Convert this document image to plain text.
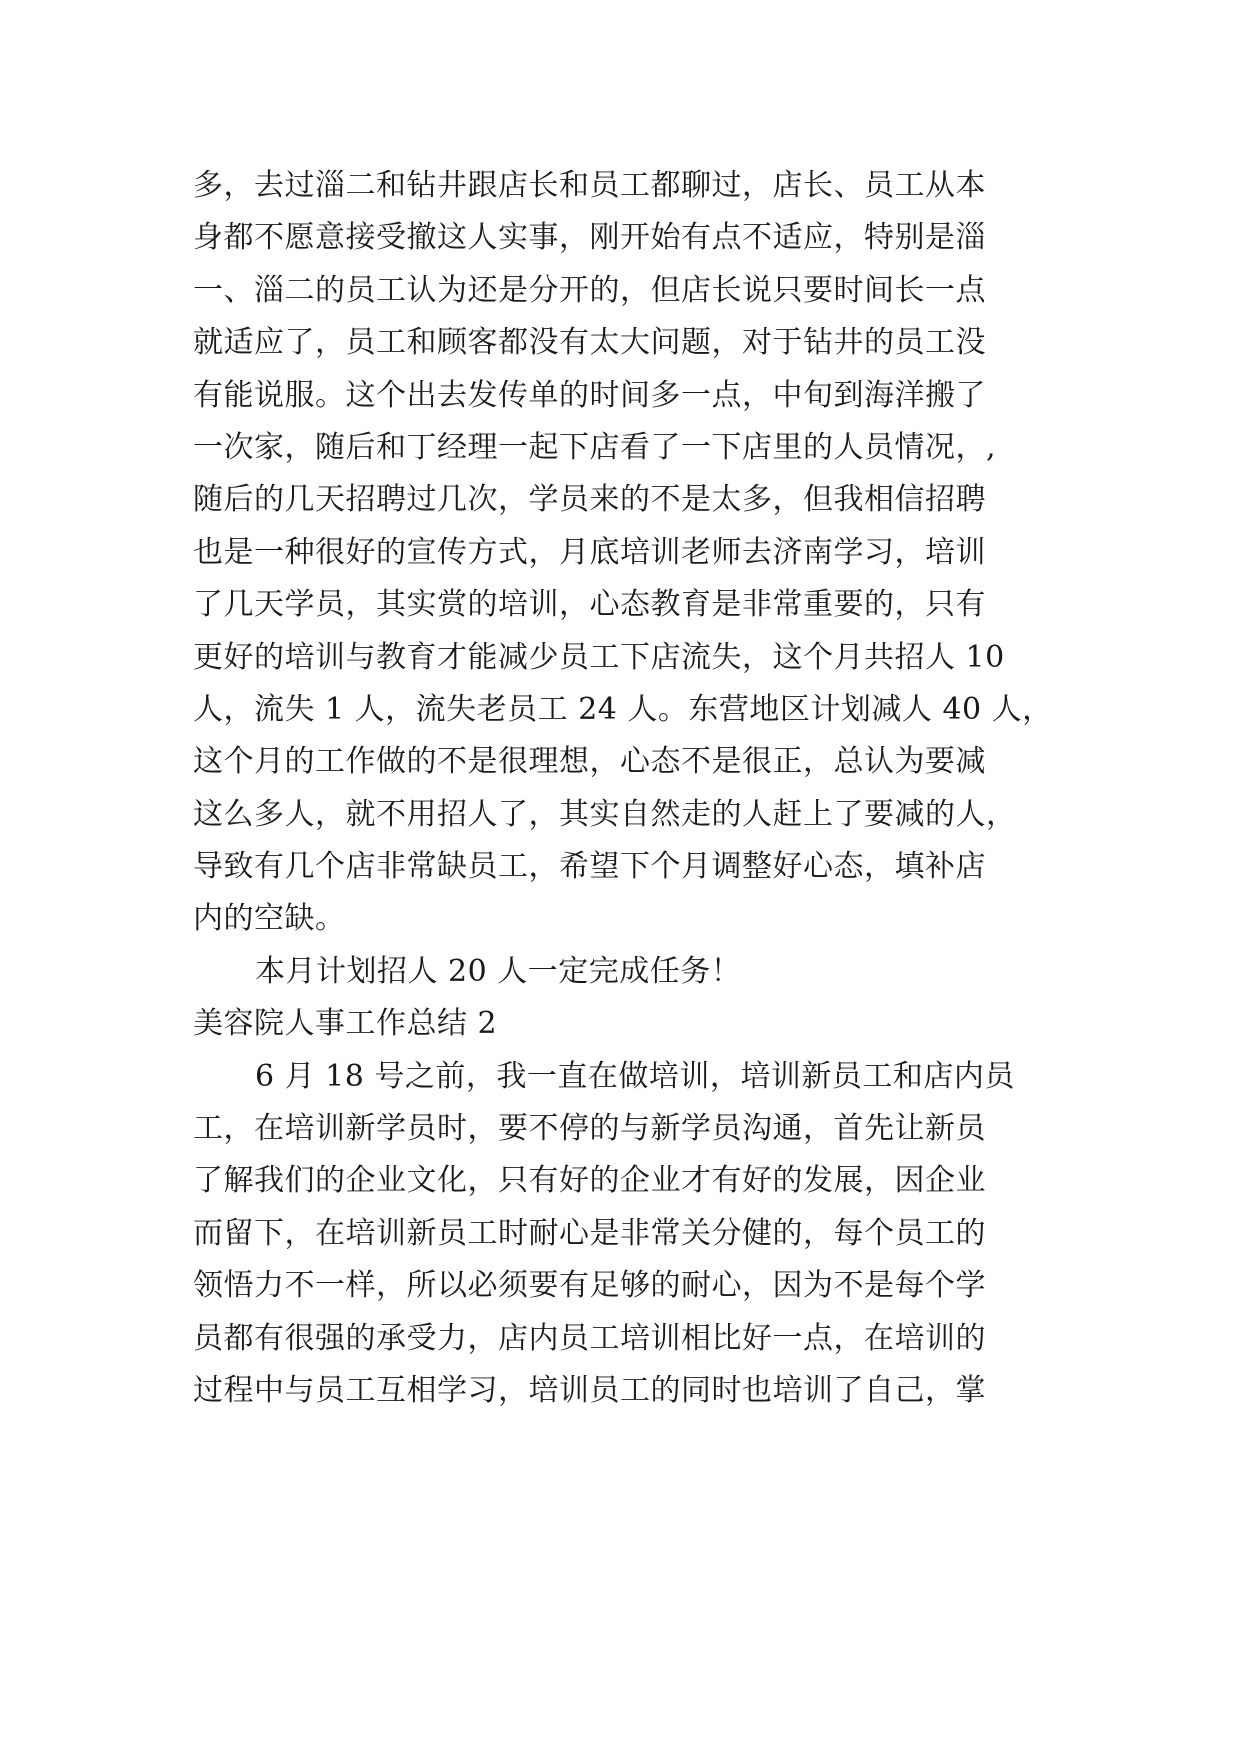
多，去过淄二和钻井跟店长和员工都聊过，店长、员工从本
身都不愿意接受撤这人实事，刚开始有点不适应，特别是淄
一、淄二的员工认为还是分开的，但店长说只要时间长一点
就适应了，员工和顾客都没有太大问题，对于钻井的员工没
有能说服。这个出去发传单的时间多一点，中旬到海洋搬了
一次家，随后和丁经理一起下店看了一下店里的人员情况，,
随后的几天招聘过几次，学员来的不是太多，但我相信招聘
也是一种很好的宣传方式，月底培训老师去济南学习，培训
了几天学员，其实赏的培训，心态教育是非常重要的，只有
更好的培训与教育才能减少员工下店流失，这个月共招人 10
人，流失 1 人，流失老员工 24 人。东营地区计划减人 40 人，
这个月的工作做的不是很理想，心态不是很正，总认为要减
这么多人，就不用招人了，其实自然走的人赶上了要减的人，
导致有几个店非常缺员工，希望下个月调整好心态，填补店
内的空缺。
本月计划招人 20 人一定完成任务！
美容院人事工作总结 2
6 月 18 号之前，我一直在做培训，培训新员工和店内员
工，在培训新学员时，要不停的与新学员沟通，首先让新员
了解我们的企业文化，只有好的企业才有好的发展，因企业
而留下，在培训新员工时耐心是非常关分健的，每个员工的
领悟力不一样，所以必须要有足够的耐心，因为不是每个学
员都有很强的承受力，店内员工培训相比好一点，在培训的
过程中与员工互相学习，培训员工的同时也培训了自己，掌
